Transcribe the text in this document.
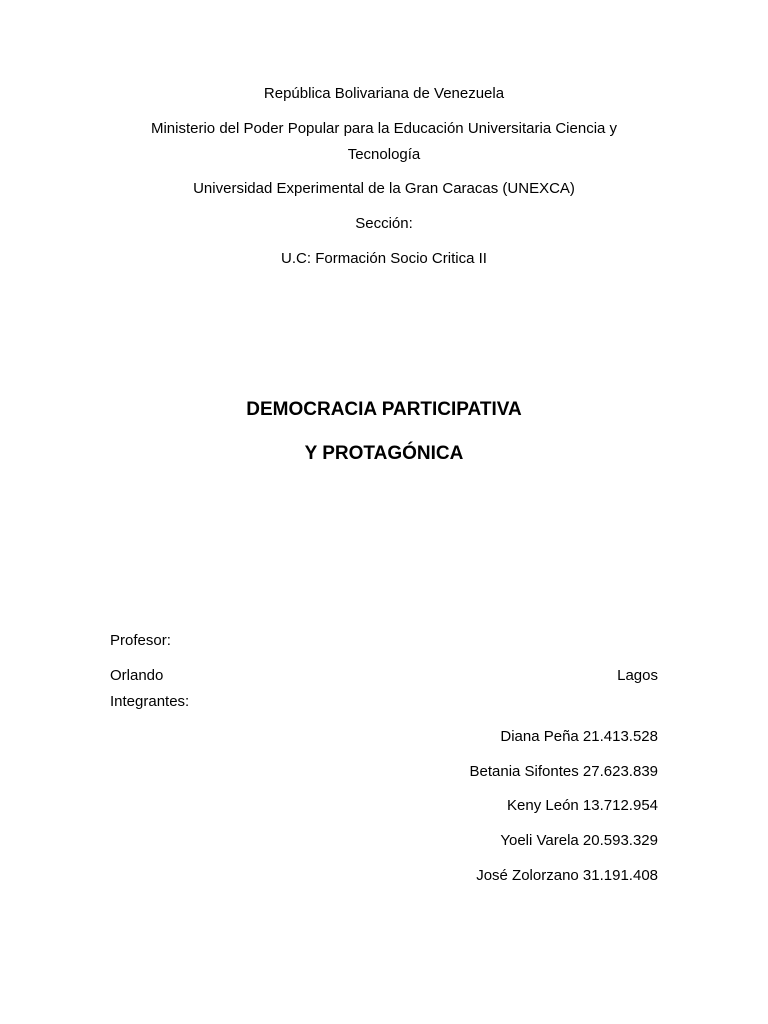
República Bolivariana de Venezuela
Ministerio del Poder Popular para la Educación Universitaria Ciencia y
Tecnología
Universidad Experimental de la Gran Caracas (UNEXCA)
Sección:
U.C: Formación Socio Critica II
DEMOCRACIA PARTICIPATIVA
Y PROTAGÓNICA
Profesor:
Orlando	Lagos
Integrantes:
Diana Peña 21.413.528
Betania Sifontes 27.623.839
Keny León 13.712.954
Yoeli Varela 20.593.329
José Zolorzano 31.191.408
